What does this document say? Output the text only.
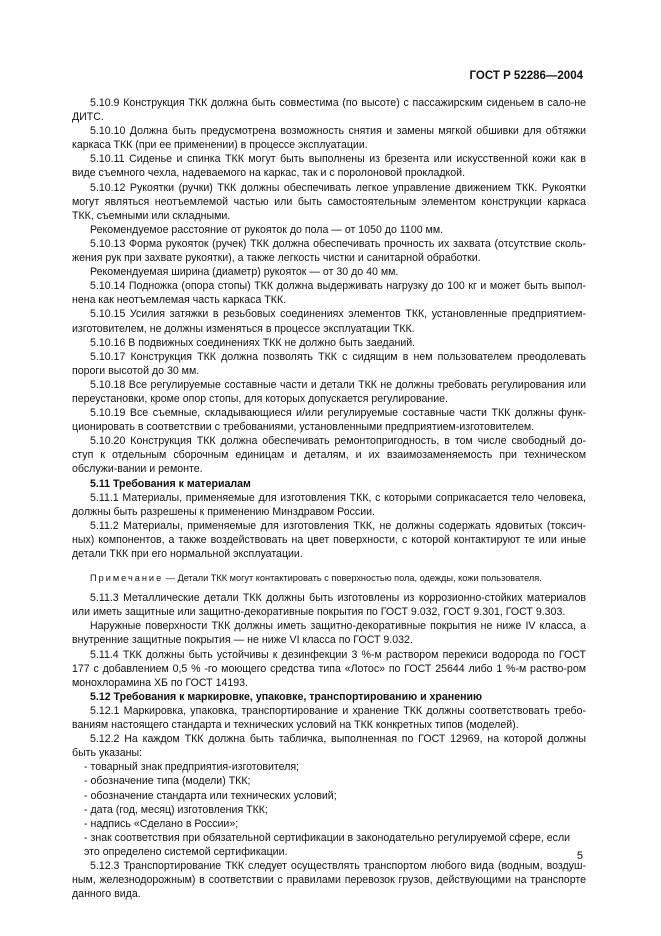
ГОСТ Р 52286—2004

5.10.9 Конструкция ТКК должна быть совместима (по высоте) с пассажирским сиденьем в сало-не ДИТС.

5.10.10 Должна быть предусмотрена возможность снятия и замены мягкой обшивки для обтяжки каркаса ТКК (при ее применении) в процессе эксплуатации.

5.10.11 Сиденье и спинка ТКК могут быть выполнены из брезента или искусственной кожи как в виде съемного чехла, надеваемого на каркас, так и с поролоновой прокладкой.

5.10.12 Рукоятки (ручки) ТКК должны обеспечивать легкое управление движением ТКК. Рукоятки могут являться неотъемлемой частью или быть самостоятельным элементом конструкции каркаса ТКК, съемными или складными.

Рекомендуемое расстояние от рукояток до пола — от 1050 до 1100 мм.

5.10.13 Форма рукояток (ручек) ТКК должна обеспечивать прочность их захвата (отсутствие сколь-жения рук при захвате рукоятки), а также легкость чистки и санитарной обработки.

Рекомендуемая ширина (диаметр) рукояток — от 30 до 40 мм.

5.10.14 Подножка (опора стопы) ТКК должна выдерживать нагрузку до 100 кг и может быть выпол-нена как неотъемлемая часть каркаса ТКК.

5.10.15 Усилия затяжки в резьбовых соединениях элементов ТКК, установленные предприятием-изготовителем, не должны изменяться в процессе эксплуатации ТКК.

5.10.16 В подвижных соединениях ТКК не должно быть заеданий.

5.10.17 Конструкция ТКК должна позволять ТКК с сидящим в нем пользователем преодолевать пороги высотой до 30 мм.

5.10.18 Все регулируемые составные части и детали ТКК не должны требовать регулирования или переустановки, кроме опор стопы, для которых допускается регулирование.

5.10.19 Все съемные, складывающиеся и/или регулируемые составные части ТКК должны функ-ционировать в соответствии с требованиями, установленными предприятием-изготовителем.

5.10.20 Конструкция ТКК должна обеспечивать ремонтопригодность, в том числе свободный до-ступ к отдельным сборочным единицам и деталям, и их взаимозаменяемость при техническом обслужи-вании и ремонте.

5.11 Требования к материалам

5.11.1 Материалы, применяемые для изготовления ТКК, с которыми соприкасается тело человека, должны быть разрешены к применению Минздравом России.

5.11.2 Материалы, применяемые для изготовления ТКК, не должны содержать ядовитых (токсич-ных) компонентов, а также воздействовать на цвет поверхности, с которой контактируют те или иные детали ТКК при его нормальной эксплуатации.

Примечание — Детали ТКК могут контактировать с поверхностью пола, одежды, кожи пользователя.

5.11.3 Металлические детали ТКК должны быть изготовлены из коррозионно-стойких материалов или иметь защитные или защитно-декоративные покрытия по ГОСТ 9.032, ГОСТ 9.301, ГОСТ 9.303.

Наружные поверхности ТКК должны иметь защитно-декоративные покрытия не ниже IV класса, а внутренние защитные покрытия — не ниже VI класса по ГОСТ 9.032.

5.11.4 ТКК должны быть устойчивы к дезинфекции 3 %-м раствором перекиси водорода по ГОСТ 177 с добавлением 0,5 % -го моющего средства типа «Лотос» по ГОСТ 25644 либо 1 %-м раство-ром монохлорамина ХБ по ГОСТ 14193.

5.12 Требования к маркировке, упаковке, транспортированию и хранению

5.12.1 Маркировка, упаковка, транспортирование и хранение ТКК должны соответствовать требо-ваниям настоящего стандарта и технических условий на ТКК конкретных типов (моделей).

5.12.2 На каждом ТКК должна быть табличка, выполненная по ГОСТ 12969, на которой должны быть указаны:

- товарный знак предприятия-изготовителя;
- обозначение типа (модели) ТКК;
- обозначение стандарта или технических условий;
- дата (год, месяц) изготовления ТКК;
- надпись «Сделано в России»;
- знак соответствия при обязательной сертификации в законодательно регулируемой сфере, если это определено системой сертификации.

5.12.3 Транспортирование ТКК следует осуществлять транспортом любого вида (водным, воздуш-ным, железнодорожным) в соответствии с правилами перевозок грузов, действующими на транспорте данного вида.

5
